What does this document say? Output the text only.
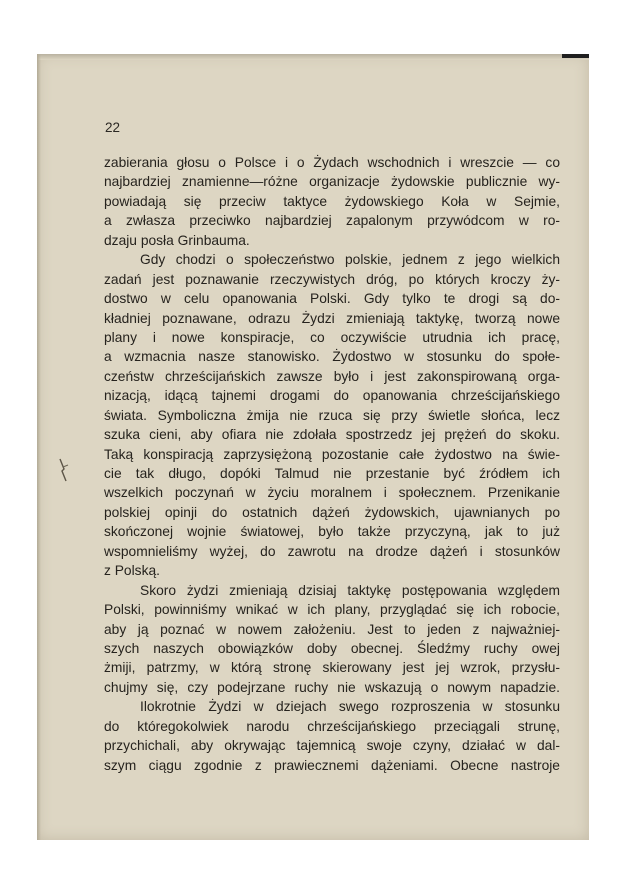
22
zabierania głosu o Polsce i o Żydach wschodnich i wreszcie — co
najbardziej znamienne—różne organizacje żydowskie publicznie wy-
powiadają się przeciw taktyce żydowskiego Koła w Sejmie,
a zwłasza przeciwko najbardziej zapalonym przywódcom w ro-
dzaju posła Grinbauma.
Gdy chodzi o społeczeństwo polskie, jednem z jego wielkich
zadań jest poznawanie rzeczywistych dróg, po których kroczy ży-
dostwo w celu opanowania Polski. Gdy tylko te drogi są do-
kładniej poznawane, odrazu Żydzi zmieniają taktykę, tworzą nowe
plany i nowe konspiracje, co oczywiście utrudnia ich pracę,
a wzmacnia nasze stanowisko. Żydostwo w stosunku do społe-
czeństw chrześcijańskich zawsze było i jest zakonspirowaną orga-
nizacją, idącą tajnemi drogami do opanowania chrześcijańskiego
świata. Symboliczna żmija nie rzuca się przy świetle słońca, lecz
szuka cieni, aby ofiara nie zdołała spostrzedz jej prężeń do skoku.
Taką konspiracją zaprzysiężoną pozostanie całe żydostwo na świe-
cie tak długo, dopóki Talmud nie przestanie być źródłem ich
wszelkich poczynań w życiu moralnem i społecznem. Przenikanie
polskiej opinji do ostatnich dążeń żydowskich, ujawnianych po
skończonej wojnie światowej, było także przyczyną, jak to już
wspomnieliśmy wyżej, do zawrotu na drodze dążeń i stosunków
z Polską.
Skoro żydzi zmieniają dzisiaj taktykę postępowania względem
Polski, powinniśmy wnikać w ich plany, przyglądać się ich robocie,
aby ją poznać w nowem założeniu. Jest to jeden z najważniej-
szych naszych obowiązków doby obecnej. Śledźmy ruchy owej
żmiji, patrzmy, w którą stronę skierowany jest jej wzrok, przysłu-
chujmy się, czy podejrzane ruchy nie wskazują o nowym napadzie.
Ilokrotnie Żydzi w dziejach swego rozproszenia w stosunku
do któregokolwiek narodu chrześcijańskiego przeciągali strunę,
przychichali, aby okrywając tajemnicą swoje czyny, działać w dal-
szym ciągu zgodnie z prawiecznemi dążeniami. Obecne nastroje
